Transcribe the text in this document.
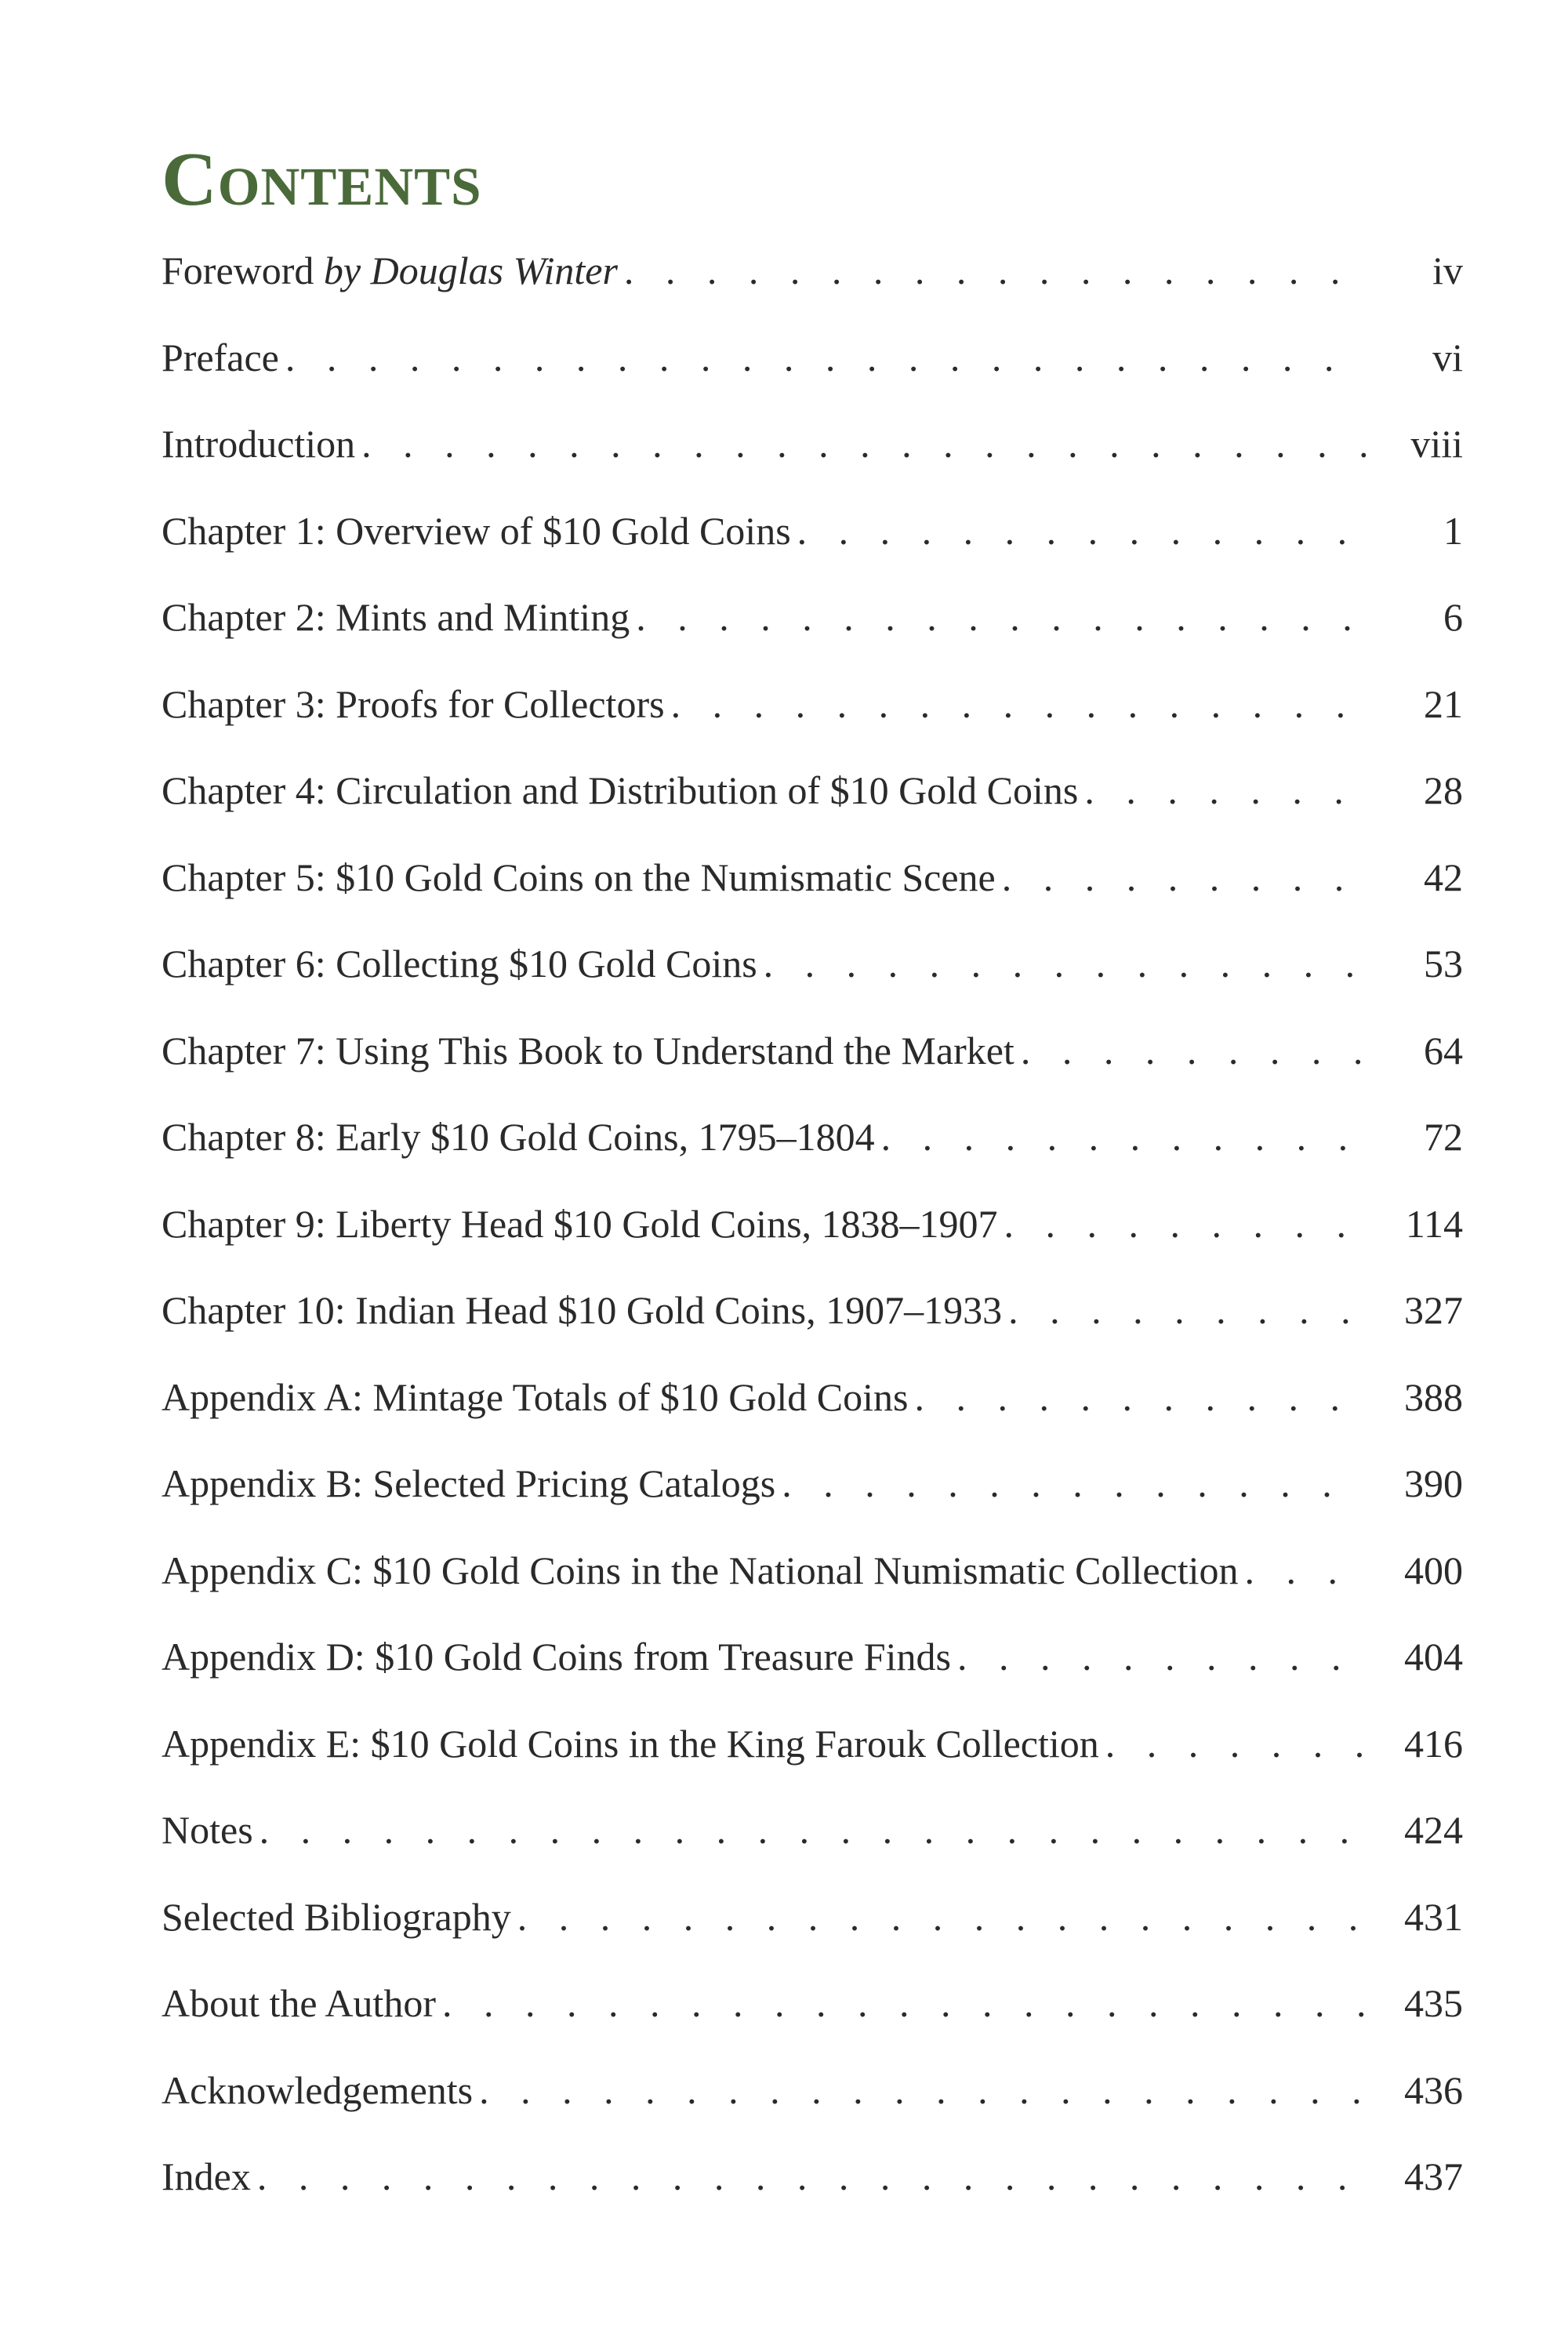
Contents
Foreword by Douglas Winter . . .	iv
Preface . . .	vi
Introduction . . .	viii
Chapter 1: Overview of $10 Gold Coins . . .	1
Chapter 2: Mints and Minting . . .	6
Chapter 3: Proofs for Collectors . . .	21
Chapter 4: Circulation and Distribution of $10 Gold Coins . . .	28
Chapter 5: $10 Gold Coins on the Numismatic Scene . . .	42
Chapter 6: Collecting $10 Gold Coins . . .	53
Chapter 7: Using This Book to Understand the Market . . .	64
Chapter 8: Early $10 Gold Coins, 1795–1804 . . .	72
Chapter 9: Liberty Head $10 Gold Coins, 1838–1907 . . .	114
Chapter 10: Indian Head $10 Gold Coins, 1907–1933 . . .	327
Appendix A: Mintage Totals of $10 Gold Coins . . .	388
Appendix B: Selected Pricing Catalogs . . .	390
Appendix C: $10 Gold Coins in the National Numismatic Collection . . .	400
Appendix D: $10 Gold Coins from Treasure Finds . . .	404
Appendix E: $10 Gold Coins in the King Farouk Collection . . .	416
Notes . . .	424
Selected Bibliography . . .	431
About the Author . . .	435
Acknowledgements . . .	436
Index . . .	437
